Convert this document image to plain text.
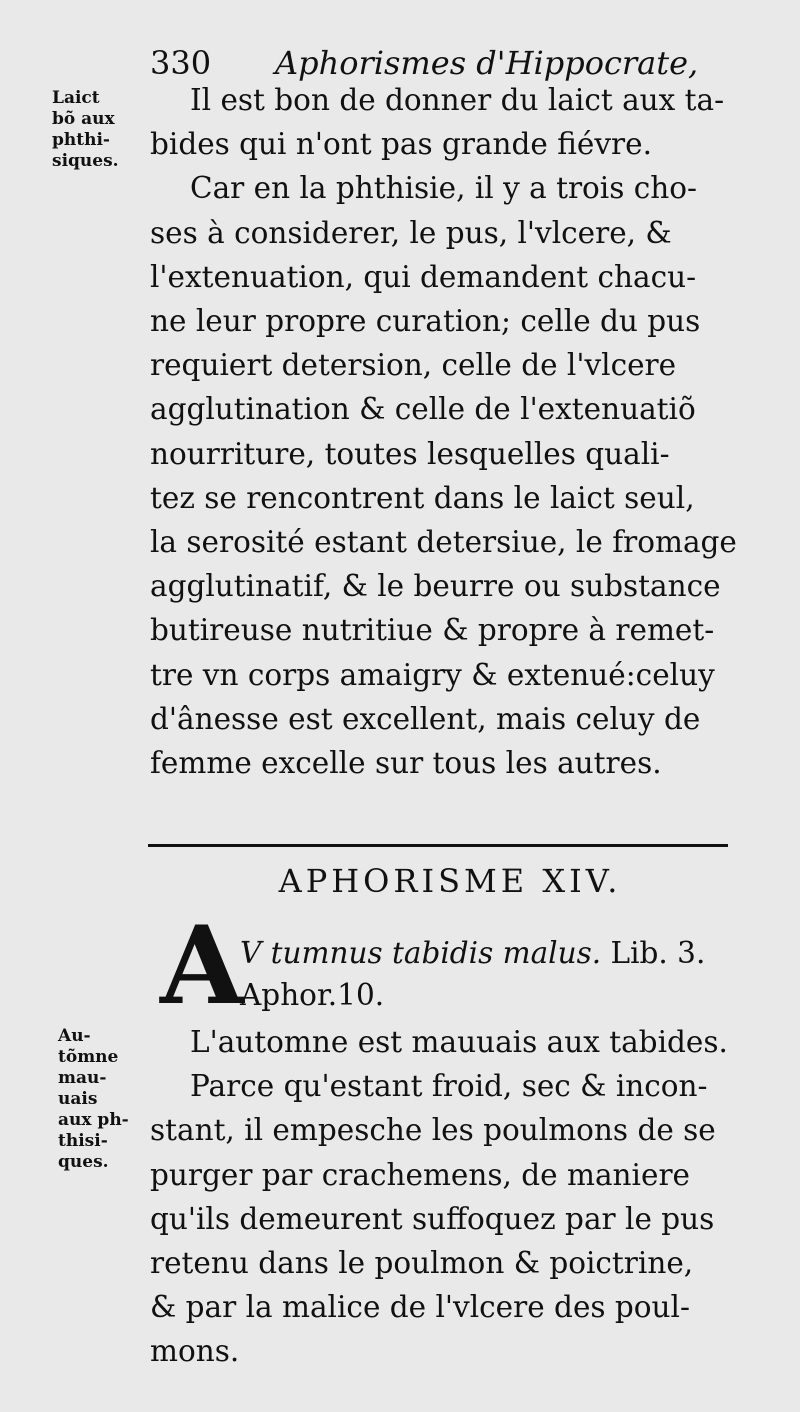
330 Aphorismes d'Hippocrate,
Laict
bõ aux
phthi-
siques.
Il est bon de donner du laict aux ta-
bides qui n'ont pas grande fiévre.
Car en la phthisie, il y a trois cho-
ses à considerer, le pus, l'vlcere, &
l'extenuation, qui demandent chacu-
ne leur propre curation; celle du pus
requiert detersion, celle de l'vlcere
agglutination & celle de l'extenuatiõ
nourriture, toutes lesquelles quali-
tez se rencontrent dans le laict seul,
la serosité estant detersiue, le fromage
agglutinatif, & le beurre ou substance
butireuse nutritiue & propre à remet-
tre vn corps amaigry & extenué:celuy
d'ânesse est excellent, mais celuy de
femme excelle sur tous les autres.
APHORISME XIV.
A
V tumnus tabidis malus. Lib. 3.
Aphor.10.
Au-
tõmne
mau-
uais
aux ph-
thisi-
ques.
L'automne est mauuais aux tabides.
Parce qu'estant froid, sec & incon-
stant, il empesche les poulmons de se
purger par crachemens, de maniere
qu'ils demeurent suffoquez par le pus
retenu dans le poulmon & poictrine,
& par la malice de l'vlcere des poul-
mons.
